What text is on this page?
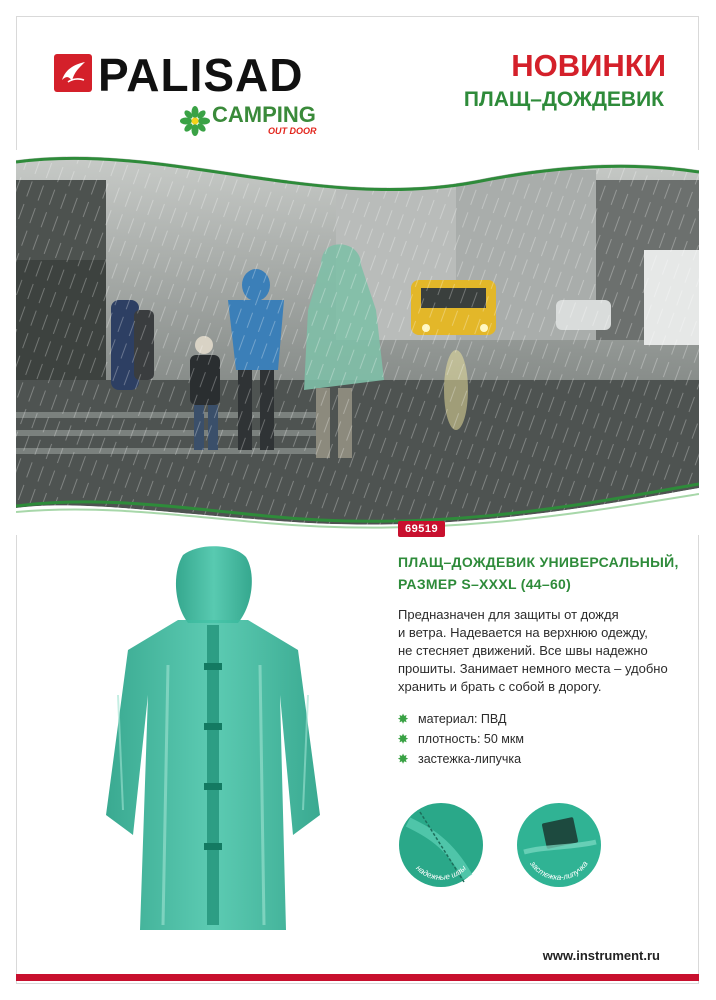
PALISAD
CAMPING
OUT DOOR
НОВИНКИ
ПЛАЩ–ДОЖДЕВИК
69519
ПЛАЩ–ДОЖДЕВИК УНИВЕРСАЛЬНЫЙ,
РАЗМЕР S–XXXL (44–60)
Предназначен для защиты от дождя
и ветра. Надевается на верхнюю одежду,
не стесняет движений. Все швы надежно
прошиты. Занимает немного места – удобно
хранить и брать с собой в дорогу.
✸ материал: ПВД
✸ плотность: 50 мкм
✸ застежка-липучка
надежные швы	застежка-липучка
www.instrument.ru
